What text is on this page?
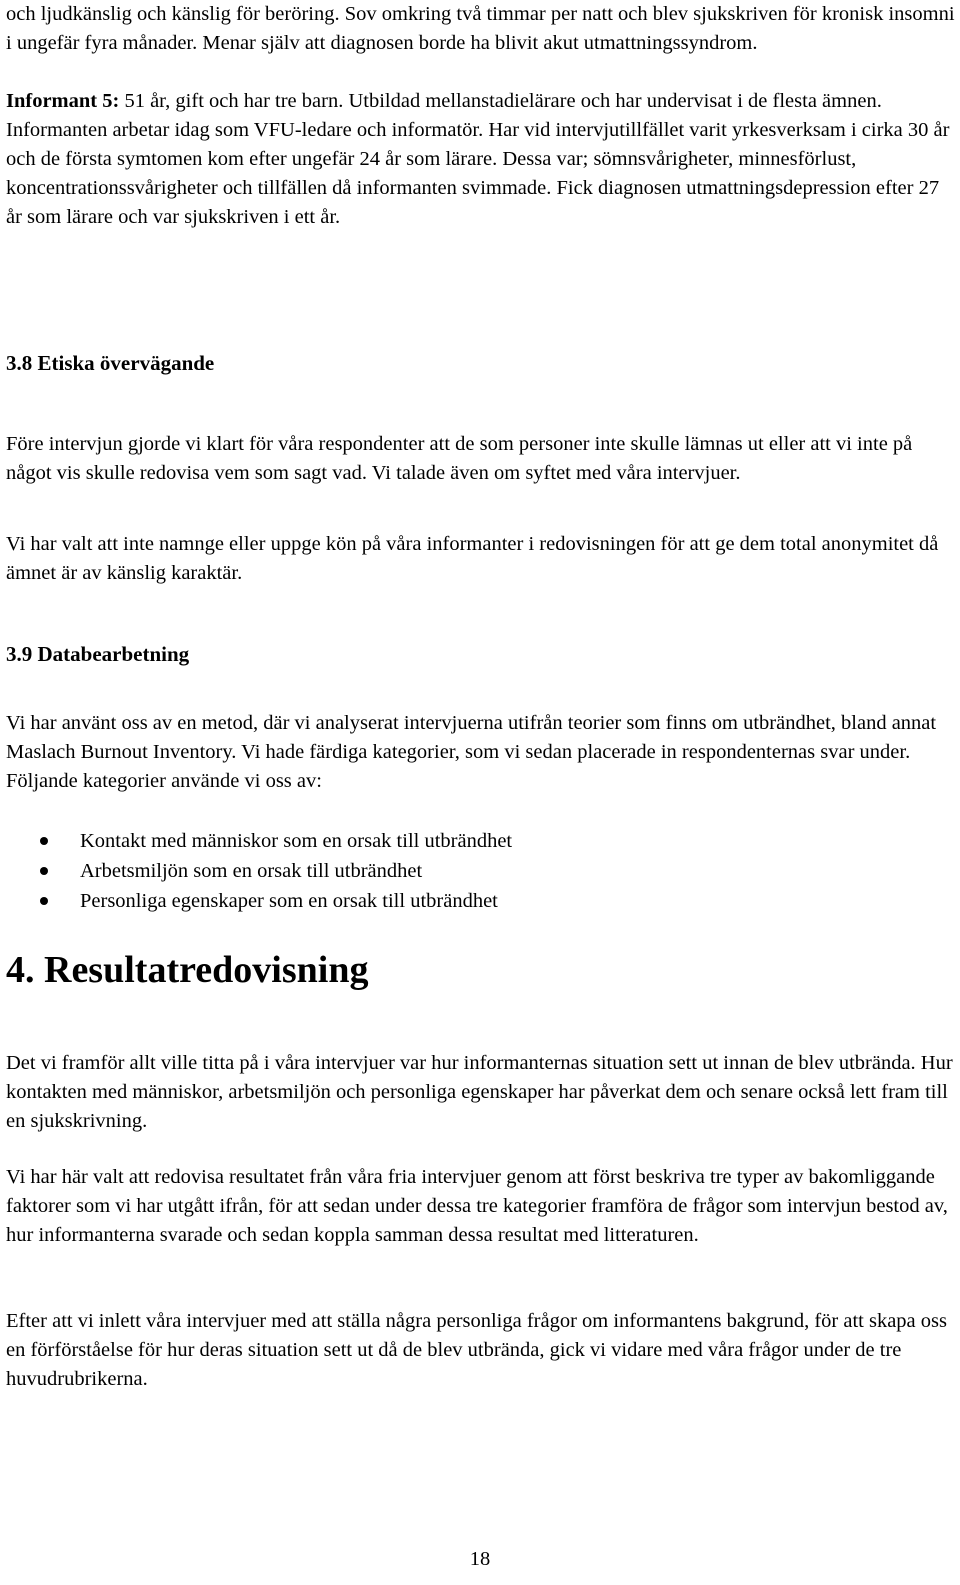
och ljudkänslig och känslig för beröring. Sov omkring två timmar per natt och blev sjukskriven för kronisk insomni i ungefär fyra månader. Menar själv att diagnosen borde ha blivit akut utmattningssyndrom.

Informant 5: 51 år, gift och har tre barn. Utbildad mellanstadielärare och har undervisat i de flesta ämnen. Informanten arbetar idag som VFU-ledare och informatör. Har vid intervjutillfället varit yrkesverksam i cirka 30 år och de första symtomen kom efter ungefär 24 år som lärare. Dessa var; sömnsvårigheter, minnesförlust, koncentrationssvårigheter och tillfällen då informanten svimmade. Fick diagnosen utmattningsdepression efter 27 år som lärare och var sjukskriven i ett år.

3.8 Etiska övervägande

Före intervjun gjorde vi klart för våra respondenter att de som personer inte skulle lämnas ut eller att vi inte på något vis skulle redovisa vem som sagt vad. Vi talade även om syftet med våra intervjuer.

Vi har valt att inte namnge eller uppge kön på våra informanter i redovisningen för att ge dem total anonymitet då ämnet är av känslig karaktär.

3.9 Databearbetning

Vi har använt oss av en metod, där vi analyserat intervjuerna utifrån teorier som finns om utbrändhet, bland annat Maslach Burnout Inventory. Vi hade färdiga kategorier, som vi sedan placerade in respondenternas svar under. Följande kategorier använde vi oss av:

Kontakt med människor som en orsak till utbrändhet
Arbetsmiljön som en orsak till utbrändhet
Personliga egenskaper som en orsak till utbrändhet
4. Resultatredovisning

Det vi framför allt ville titta på i våra intervjuer var hur informanternas situation sett ut innan de blev utbrända. Hur kontakten med människor, arbetsmiljön och personliga egenskaper har påverkat dem och senare också lett fram till en sjukskrivning.

Vi har här valt att redovisa resultatet från våra fria intervjuer genom att först beskriva tre typer av bakomliggande faktorer som vi har utgått ifrån, för att sedan under dessa tre kategorier framföra de frågor som intervjun bestod av, hur informanterna svarade och sedan koppla samman dessa resultat med litteraturen.

Efter att vi inlett våra intervjuer med att ställa några personliga frågor om informantens bakgrund, för att skapa oss en förförståelse för hur deras situation sett ut då de blev utbrända, gick vi vidare med våra frågor under de tre huvudrubrikerna.

18
